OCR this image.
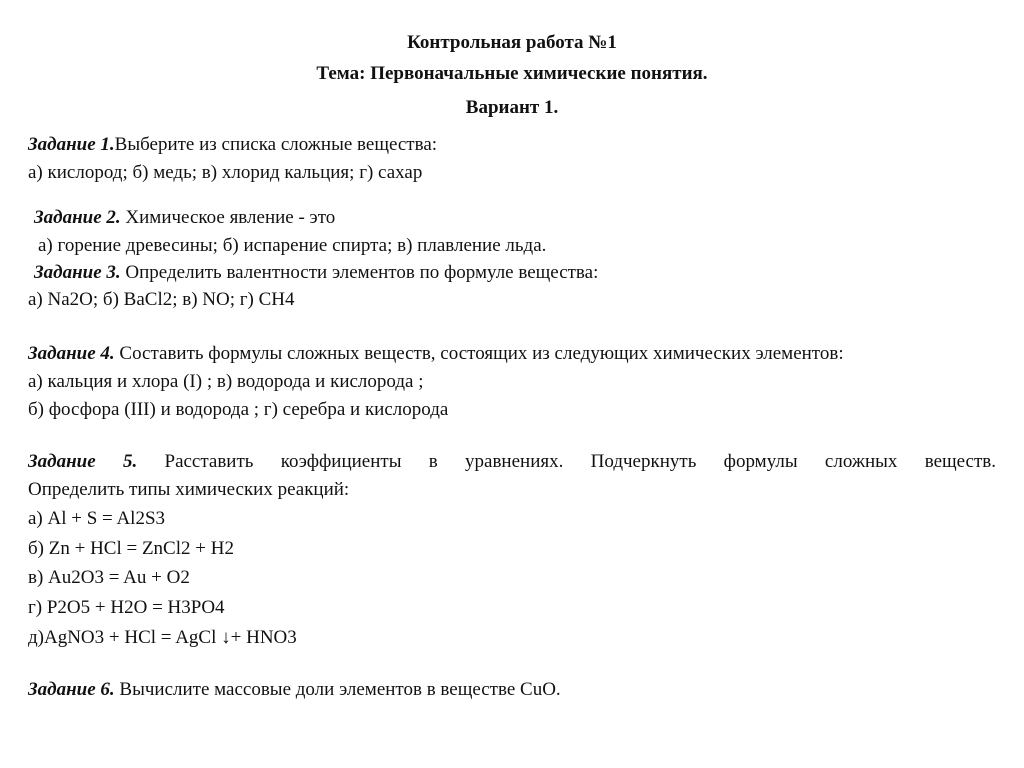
Контрольная работа №1
Тема: Первоначальные химические понятия.
Вариант 1.
Задание 1.Выберите из списка сложные вещества:
а) кислород; б) медь; в) хлорид кальция; г) сахар
Задание 2. Химическое явление - это
а) горение древесины; б) испарение спирта; в) плавление льда.
Задание 3. Определить валентности элементов по формуле вещества:
а) Na2O; б) BaCl2; в) NO; г) CH4
Задание 4. Составить формулы сложных веществ, состоящих из следующих химических элементов:
а) кальция и хлора (I) ; в) водорода и кислорода ;
б) фосфора (III) и водорода ; г) серебра и кислорода
Задание 5. Расставить коэффициенты в уравнениях. Подчеркнуть формулы сложных веществ.
Определить типы химических реакций:
а) Al + S = Al2S3
б) Zn + HCl = ZnCl2 + H2
в) Au2O3 = Au + O2
г) P2O5 + H2O = H3PO4
д)AgNO3 + HCl = AgCl ↓+ HNO3
Задание 6. Вычислите массовые доли элементов в веществе CuO.
